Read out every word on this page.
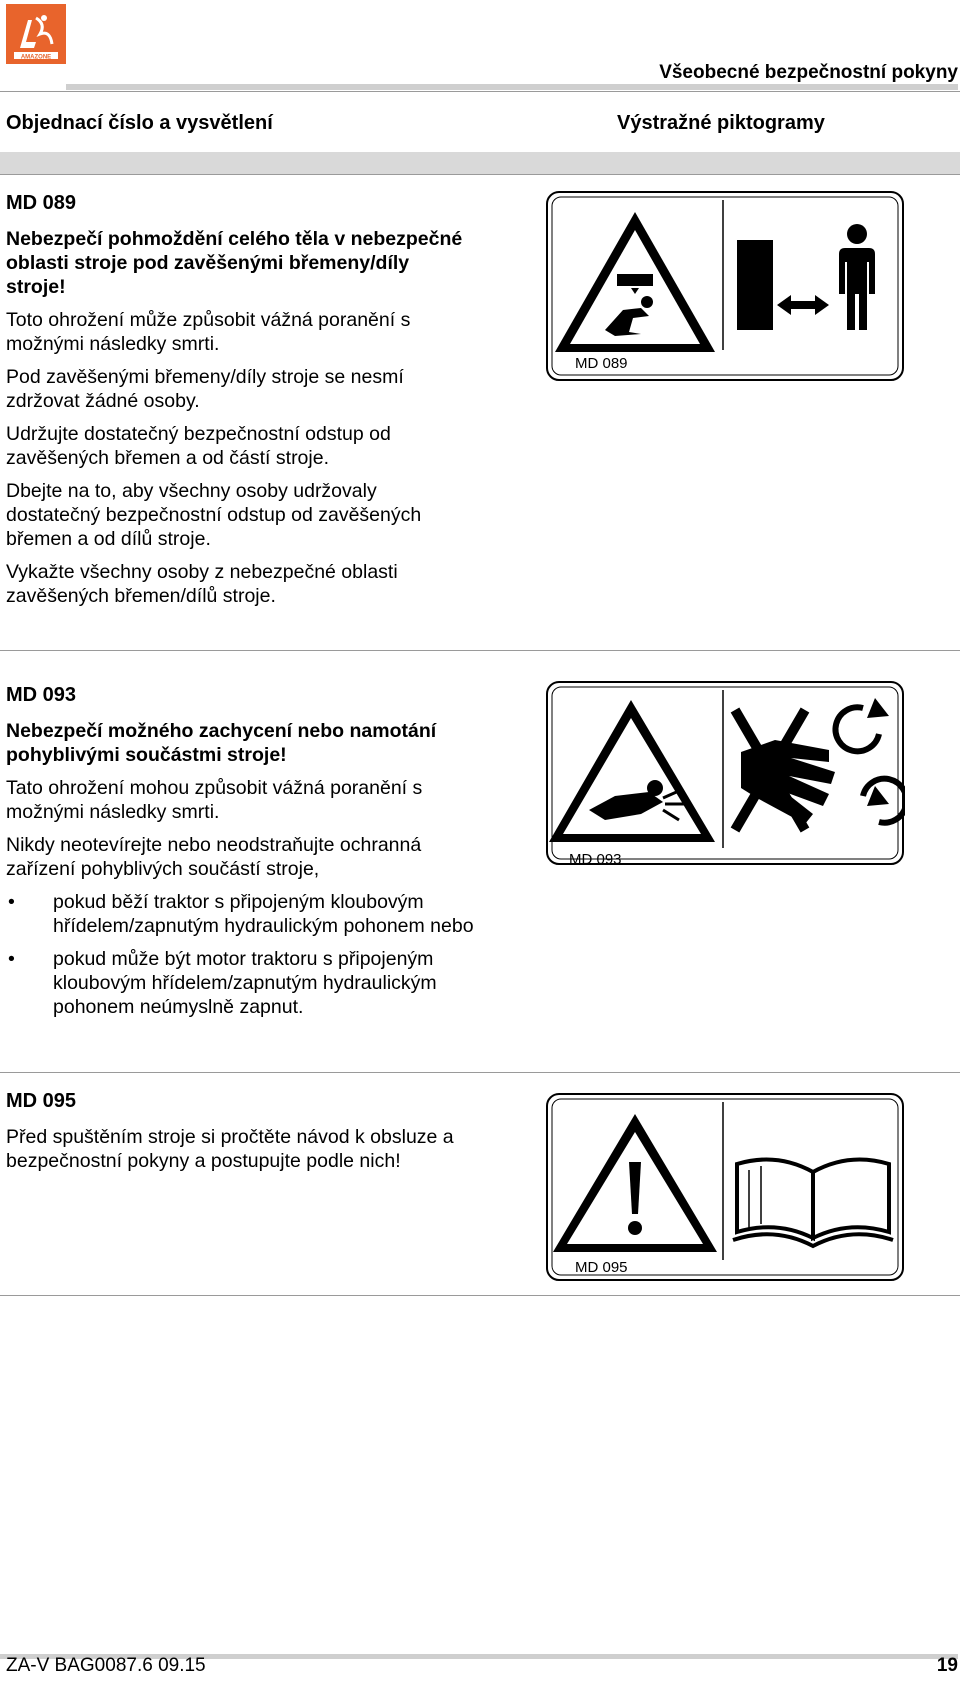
AMAZONE
Všeobecné bezpečnostní pokyny
Objednací číslo a vysvětlení	Výstražné piktogramy
MD 089
Nebezpečí pohmoždění celého těla v nebezpečné oblasti stroje pod zavěšenými břemeny/díly stroje!
Toto ohrožení může způsobit vážná poranění s možnými následky smrti.
Pod zavěšenými břemeny/díly stroje se nesmí zdržovat žádné osoby.
Udržujte dostatečný bezpečnostní odstup od zavěšených břemen a od částí stroje.
Dbejte na to, aby všechny osoby udržovaly dostatečný bezpečnostní odstup od zavěšených břemen a od dílů stroje.
Vykažte všechny osoby z nebezpečné oblasti zavěšených břemen/dílů stroje.
MD 089
MD 093
Nebezpečí možného zachycení nebo namotání pohyblivými součástmi stroje!
Tato ohrožení mohou způsobit vážná poranění s možnými následky smrti.
Nikdy neotevírejte nebo neodstraňujte ochranná zařízení pohyblivých součástí stroje,
• pokud běží traktor s připojeným kloubovým hřídelem/zapnutým hydraulickým pohonem nebo
• pokud může být motor traktoru s připojeným kloubovým hřídelem/zapnutým hydraulickým pohonem neúmyslně zapnut.
MD 093
MD 095
Před spuštěním stroje si pročtěte návod k obsluze a bezpečnostní pokyny a postupujte podle nich!
MD 095
ZA-V BAG0087.6 09.15	19
